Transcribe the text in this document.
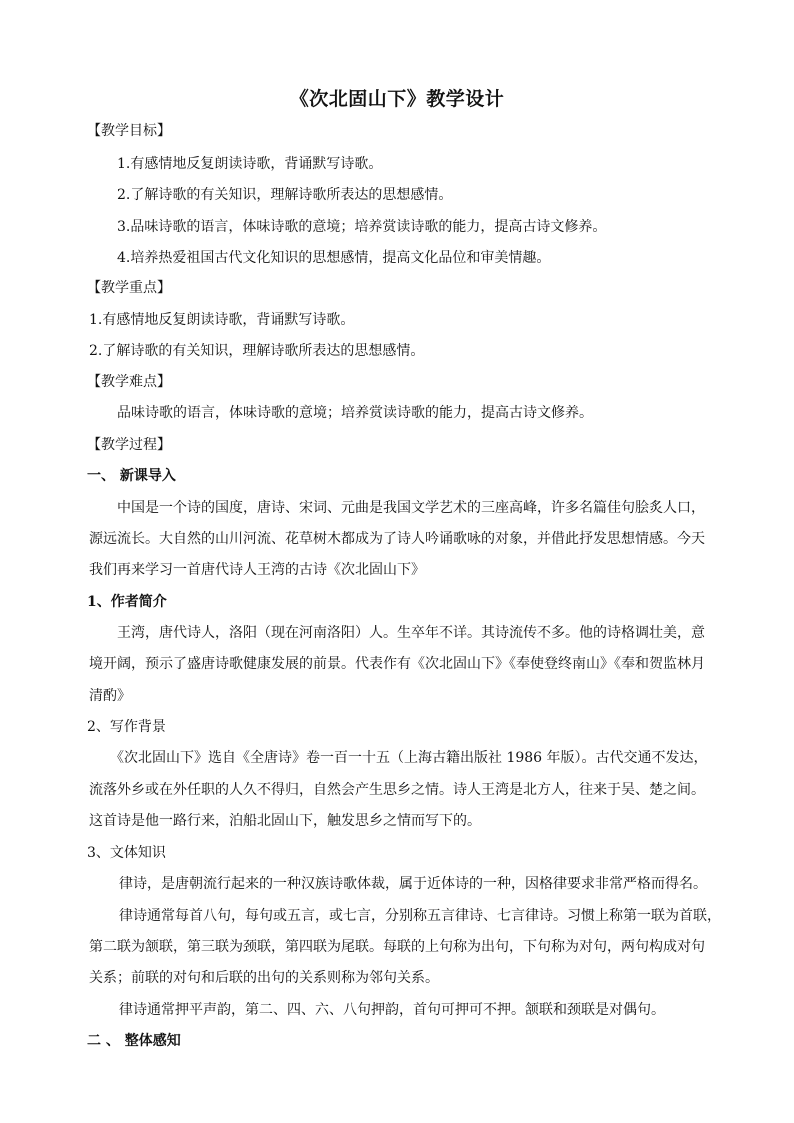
《次北固山下》教学设计
【教学目标】
1.有感情地反复朗读诗歌，背诵默写诗歌。
2.了解诗歌的有关知识，理解诗歌所表达的思想感情。
3.品味诗歌的语言，体味诗歌的意境；培养赏读诗歌的能力，提高古诗文修养。
4.培养热爱祖国古代文化知识的思想感情，提高文化品位和审美情趣。
【教学重点】
1.有感情地反复朗读诗歌，背诵默写诗歌。
2.了解诗歌的有关知识，理解诗歌所表达的思想感情。
【教学难点】
品味诗歌的语言，体味诗歌的意境；培养赏读诗歌的能力，提高古诗文修养。
【教学过程】
一、 新课导入
中国是一个诗的国度，唐诗、宋词、元曲是我国文学艺术的三座高峰，许多名篇佳句脍炙人口，
源远流长。大自然的山川河流、花草树木都成为了诗人吟诵歌咏的对象，并借此抒发思想情感。今天
我们再来学习一首唐代诗人王湾的古诗《次北固山下》
1、作者简介
王湾，唐代诗人，洛阳（现在河南洛阳）人。生卒年不详。其诗流传不多。他的诗格调壮美，意
境开阔，预示了盛唐诗歌健康发展的前景。代表作有《次北固山下》《奉使登终南山》《奉和贺监林月
清酌》
2、写作背景
《次北固山下》选自《全唐诗》卷一百一十五（上海古籍出版社 1986 年版）。古代交通不发达，
流落外乡或在外任职的人久不得归，自然会产生思乡之情。诗人王湾是北方人，往来于吴、楚之间。
这首诗是他一路行来，泊船北固山下，触发思乡之情而写下的。
3、文体知识
律诗，是唐朝流行起来的一种汉族诗歌体裁，属于近体诗的一种，因格律要求非常严格而得名。
律诗通常每首八句，每句或五言，或七言，分别称五言律诗、七言律诗。习惯上称第一联为首联，
第二联为颔联，第三联为颈联，第四联为尾联。每联的上句称为出句，下句称为对句，两句构成对句
关系；前联的对句和后联的出句的关系则称为邻句关系。
律诗通常押平声韵，第二、四、六、八句押韵，首句可押可不押。颔联和颈联是对偶句。
二 、 整体感知
